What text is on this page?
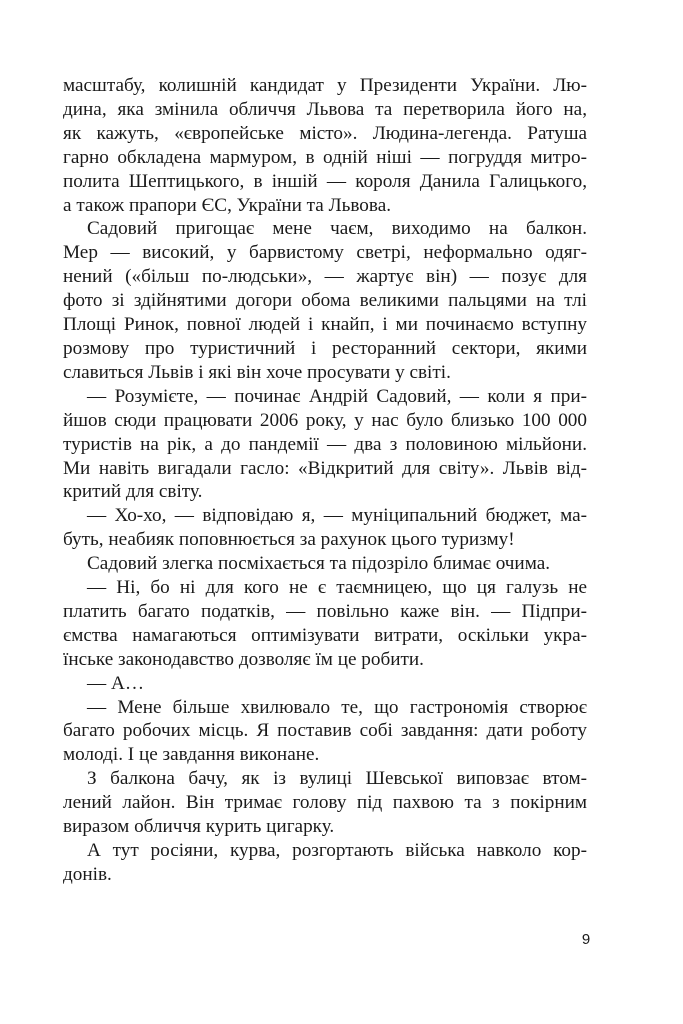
масштабу, колишній кандидат у Президенти України. Лю-
дина, яка змінила обличчя Львова та перетворила його на,
як кажуть, «європейське місто». Людина-легенда. Ратуша
гарно обкладена мармуром, в одній ніші — погруддя митро-
полита Шептицького, в іншій — короля Данила Галицького,
а також прапори ЄС, України та Львова.
Садовий пригощає мене чаєм, виходимо на балкон.
Мер — високий, у барвистому светрі, неформально одяг-
нений («більш по-людськи», — жартує він) — позує для
фото зі здійнятими догори обома великими пальцями на тлі
Площі Ринок, повної людей і кнайп, і ми починаємо вступну
розмову про туристичний і ресторанний сектори, якими
славиться Львів і які він хоче просувати у світі.
— Розумієте, — починає Андрій Садовий, — коли я при-
йшов сюди працювати 2006 року, у нас було близько 100 000
туристів на рік, а до пандемії — два з половиною мільйони.
Ми навіть вигадали гасло: «Відкритий для світу». Львів від-
критий для світу.
— Хо-хо, — відповідаю я, — муніципальний бюджет, ма-
буть, неабияк поповнюється за рахунок цього туризму!
Садовий злегка посміхається та підозріло блимає очима.
— Ні, бо ні для кого не є таємницею, що ця галузь не
платить багато податків, — повільно каже він. — Підпри-
ємства намагаються оптимізувати витрати, оскільки укра-
їнське законодавство дозволяє їм це робити.
— А…
— Мене більше хвилювало те, що гастрономія створює
багато робочих місць. Я поставив собі завдання: дати роботу
молоді. І це завдання виконане.
З балкона бачу, як із вулиці Шевської виповзає втом-
лений лайон. Він тримає голову під пахвою та з покірним
виразом обличчя курить цигарку.
А тут росіяни, курва, розгортають війська навколо кор-
донів.
9
